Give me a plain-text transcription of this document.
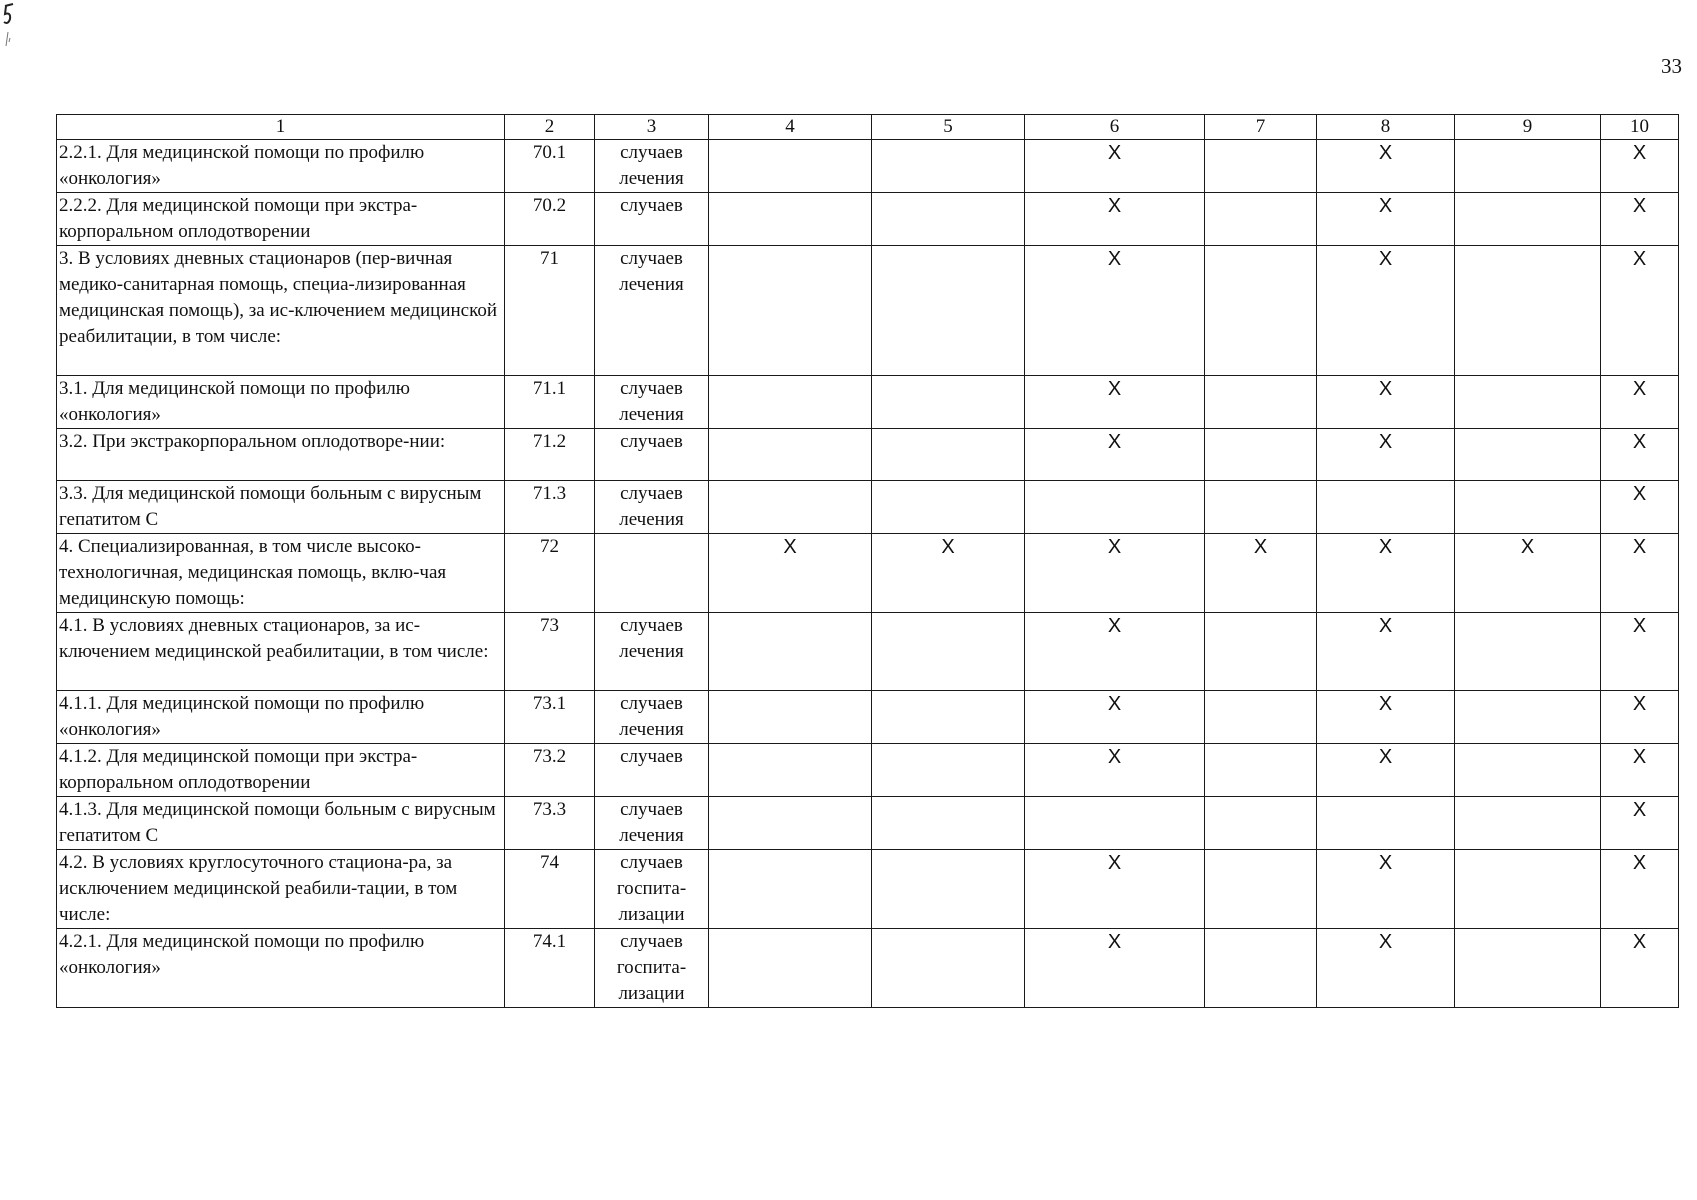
33
1	2	3	4	5	6	7	8	9	10
2.2.1. Для медицинской помощи по профилю «онкология»	70.1	случаев лечения			X		X		X
2.2.2. Для медицинской помощи при экстра-корпоральном оплодотворении	70.2	случаев			X		X		X
3. В условиях дневных стационаров (пер-вичная медико-санитарная помощь, специа-лизированная медицинская помощь), за ис-ключением медицинской реабилитации, в том числе:	71	случаев лечения			X		X		X
3.1. Для медицинской помощи по профилю «онкология»	71.1	случаев лечения			X		X		X
3.2. При экстракорпоральном оплодотворе-нии:	71.2	случаев			X		X		X
3.3. Для медицинской помощи больным с вирусным гепатитом С	71.3	случаев лечения							X
4. Специализированная, в том числе высоко-технологичная, медицинская помощь, вклю-чая медицинскую помощь:	72		X	X	X	X	X	X	X
4.1. В условиях дневных стационаров, за ис-ключением медицинской реабилитации, в том числе:	73	случаев лечения			X		X		X
4.1.1. Для медицинской помощи по профилю «онкология»	73.1	случаев лечения			X		X		X
4.1.2. Для медицинской помощи при экстра-корпоральном оплодотворении	73.2	случаев			X		X		X
4.1.3. Для медицинской помощи больным с вирусным гепатитом С	73.3	случаев лечения							X
4.2. В условиях круглосуточного стациона-ра, за исключением медицинской реабили-тации, в том числе:	74	случаев госпита-лизации			X		X		X
4.2.1. Для медицинской помощи по профилю «онкология»	74.1	случаев госпита-лизации			X		X		X
